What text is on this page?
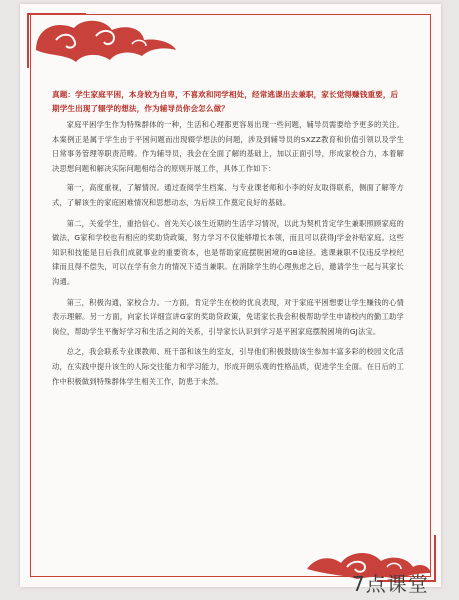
真题：学生家庭平困，本身较为自卑，不喜欢和同学相处，经常逃课出去兼职，家长觉得赚钱重要，后期学生出现了辍学的想法，作为辅导员你会怎么做？

家庭平困学生作为特殊群体的一种，生活和心理都更容易出现一些问题，辅导员需要给予更多的关注。本案例正是属于学生由于平困问题而出现辍学想法的问题，涉及到辅导员的SXZZ教育和价值引领以及学生日常事务管理等职责范畴。作为辅导员，我会在全面了解的基础上，加以正面引导，形成家校合力，本着解决思想问题和解决实际问题相结合的原则开展工作，具体工作如下：

第一，高度重视，了解情况。通过查阅学生档案、与专业课老师和小李的好友取得联系，侧面了解等方式，了解该生的家庭困难情况和思想动态，为后续工作奠定良好的基础。

第二，关爱学生，重拾信心。首先关心该生近期的生活学习情况，以此为契机肯定学生兼职照顾家庭的做法，G家和学校也有相应的奖助贷政策，努力学习不仅能够增长本领，而且可以获得J学金补贴家庭。这些知识和技能是日后我们成就事业的重要资本，也是帮助家庭摆脱困境的GB途径。逃课兼职不仅违反学校纪律而且得不偿失，可以在学有余力的情况下适当兼职。在消除学生的心理焦虑之后，邀请学生一起与其家长沟通。

第三，积极沟通，家校合力。一方面，肯定学生在校的优良表现，对于家庭平困想要让学生赚钱的心情表示理解。另一方面，向家长详细宣讲G家的奖助贷政策，免诺家长我会积极帮助学生申请校内的勤工助学岗位，帮助学生平衡好学习和生活之间的关系，引导家长认识到学习是平困家庭摆脱困境的GJ法宝。

总之，我会联系专业课教师、班干部和该生的室友，引导他们积极鼓励该生参加丰富多彩的校园文化活动，在实践中提升该生的人际交往能力和学习能力，形成开朗乐观的性格品质，促进学生全面。在日后的工作中积极做到特殊群体学生相关工作，防患于未然。

7点课堂
